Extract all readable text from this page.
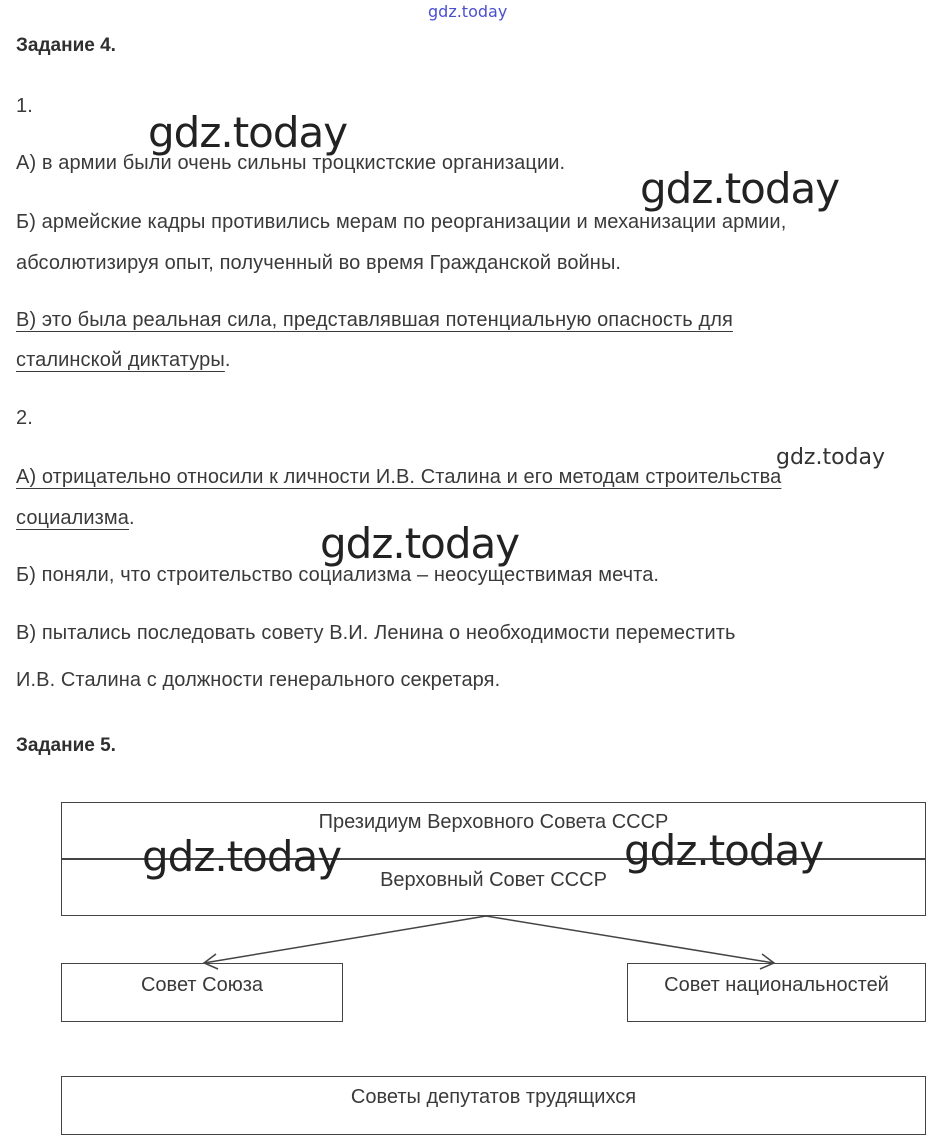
gdz.today
Задание 4.
1.
А) в армии были очень сильны троцкистские организации.
Б) армейские кадры противились мерам по реорганизации и механизации армии,
абсолютизируя опыт, полученный во время Гражданской войны.
В) это была реальная сила, представлявшая потенциальную опасность для
сталинской диктатуры.
2.
А) отрицательно относили к личности И.В. Сталина и его методам строительства
социализма.
Б) поняли, что строительство социализма – неосуществимая мечта.
В) пытались последовать совету В.И. Ленина о необходимости переместить
И.В. Сталина с должности генерального секретаря.
Задание 5.
Президиум Верховного Совета СССР
Верховный Совет СССР
Совет Союза	Совет национальностей
Советы депутатов трудящихся
gdz.today
gdz.today
gdz.today
gdz.today
gdz.today	gdz.today
